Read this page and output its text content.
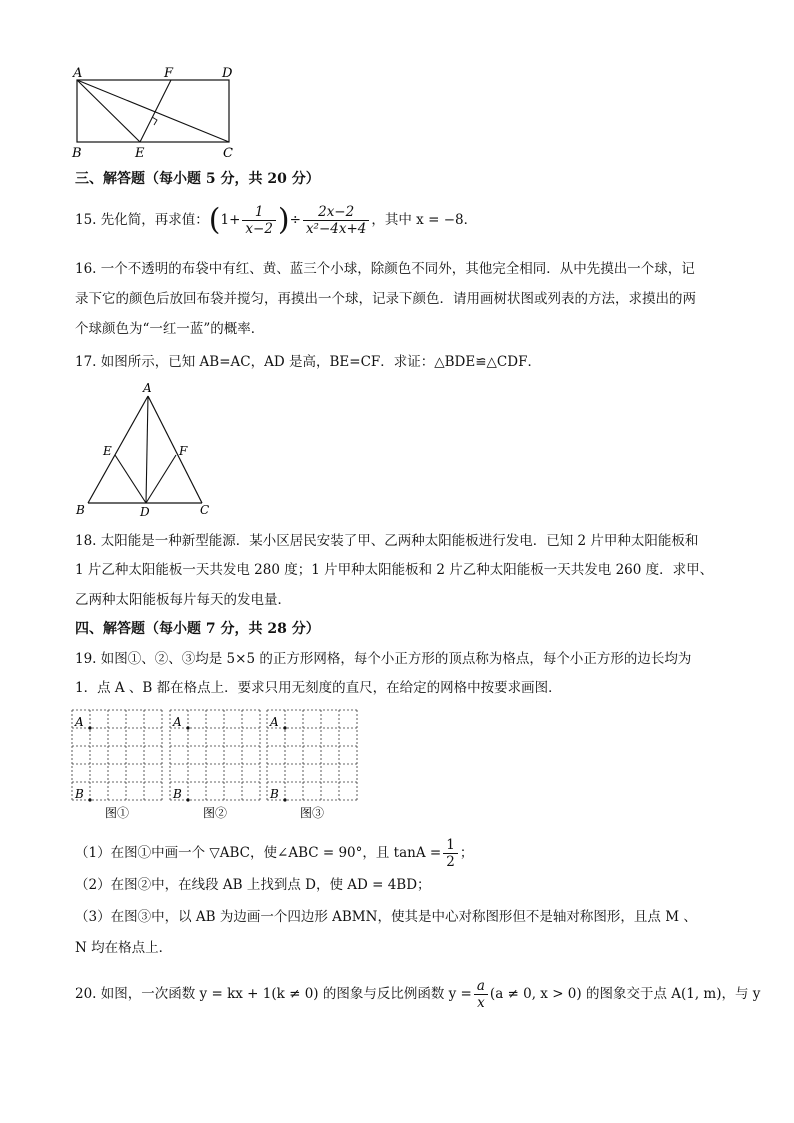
A	F	D
B	E	C
三、解答题（每小题 5 分，共 20 分）
15. 先化简，再求值：($1+ \frac{1}{x-2}$ )÷ $\frac{2x-2}{\text{x²−4x+4}}$ ，其中 x = −8．
16. 一个不透明的布袋中有红、黄、蓝三个小球，除颜色不同外，其他完全相同．从中先摸出一个球，记
录下它的颜色后放回布袋并搅匀，再摸出一个球，记录下颜色．请用画树状图或列表的方法，求摸出的两
个球颜色为“一红一蓝”的概率．
17. 如图所示，已知 AB=AC，AD 是高，BE=CF．求证：△BDE≌△CDF．
A
E	F
B	D	C
18. 太阳能是一种新型能源．某小区居民安装了甲、乙两种太阳能板进行发电．已知 2 片甲种太阳能板和
1 片乙种太阳能板一天共发电 280 度；1 片甲种太阳能板和 2 片乙种太阳能板一天共发电 260 度．求甲、
乙两种太阳能板每片每天的发电量．
四、解答题（每小题 7 分，共 28 分）
19. 如图①、②、③均是 5×5 的正方形网格，每个小正方形的顶点称为格点，每个小正方形的边长均为
1．点 A 、B 都在格点上．要求只用无刻度的直尺，在给定的网格中按要求画图．
A
B
图①
A
B
图②
A
B
图③
（1）在图①中画一个 ▽ABC，使∠ABC = 90°，且 $\tan A = \frac{1}{2}$ ；
（2）在图②中，在线段 AB 上找到点 D，使 AD = 4BD；
（3）在图③中，以 AB 为边画一个四边形 ABMN，使其是中心对称图形但不是轴对称图形，且点 M 、
N 均在格点上．
20. 如图，一次函数 y = kx + 1(k ≠ 0) 的图象与反比例函数 $y = \frac{a}{x} (a \ne 0$, x > 0) 的图象交于点 A(1, m)，与 y
